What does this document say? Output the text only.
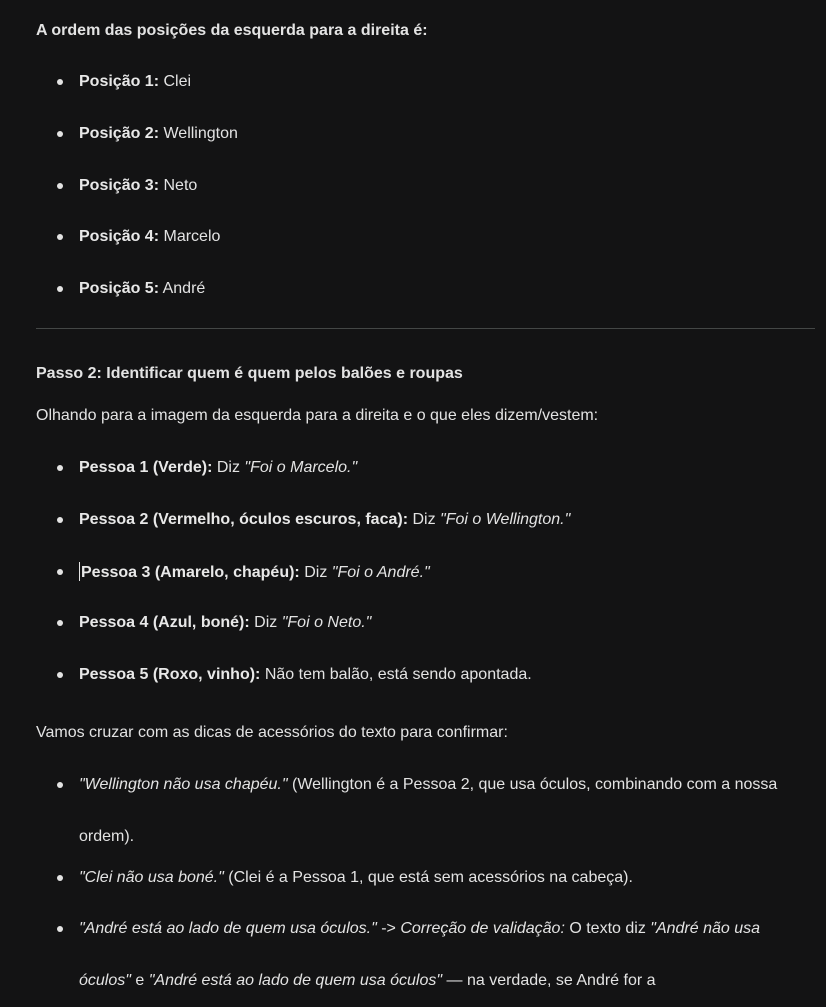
A ordem das posições da esquerda para a direita é:
Posição 1: Clei
Posição 2: Wellington
Posição 3: Neto
Posição 4: Marcelo
Posição 5: André
Passo 2: Identificar quem é quem pelos balões e roupas
Olhando para a imagem da esquerda para a direita e o que eles dizem/vestem:
Pessoa 1 (Verde): Diz "Foi o Marcelo."
Pessoa 2 (Vermelho, óculos escuros, faca): Diz "Foi o Wellington."
Pessoa 3 (Amarelo, chapéu): Diz "Foi o André."
Pessoa 4 (Azul, boné): Diz "Foi o Neto."
Pessoa 5 (Roxo, vinho): Não tem balão, está sendo apontada.
Vamos cruzar com as dicas de acessórios do texto para confirmar:
"Wellington não usa chapéu." (Wellington é a Pessoa 2, que usa óculos, combinando com a nossa ordem).
"Clei não usa boné." (Clei é a Pessoa 1, que está sem acessórios na cabeça).
"André está ao lado de quem usa óculos." -> Correção de validação: O texto diz "André não usa óculos" e "André está ao lado de quem usa óculos" — na verdade, se André for a
